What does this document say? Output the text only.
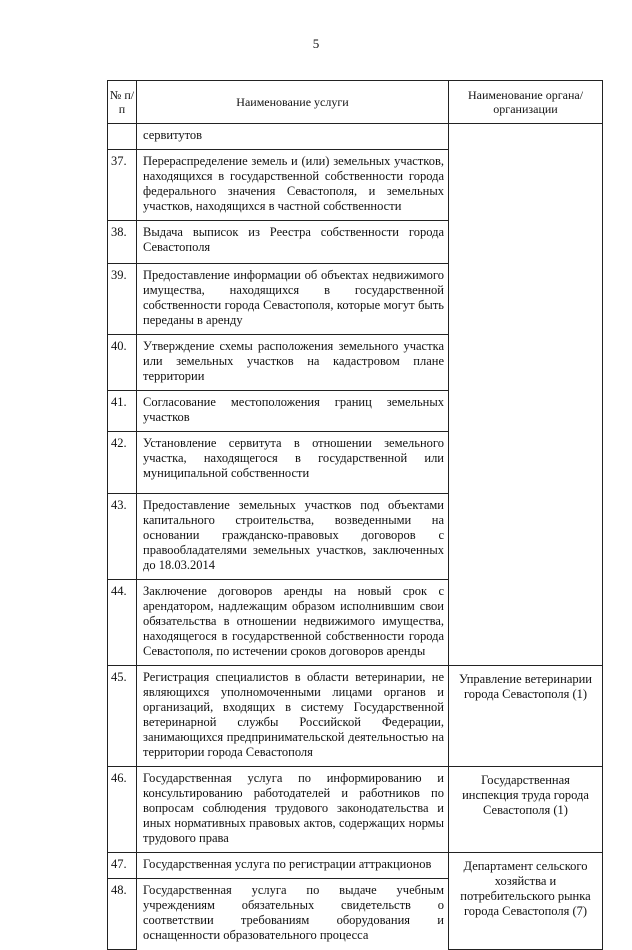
5
№ п/п	Наименование услуги	Наименование органа/организации
	сервитутов	
37.	Перераспределение земель и (или) земельных участков, находящихся в государственной собственности города федерального значения Севастополя, и земельных участков, находящихся в частной собственности	
38.	Выдача выписок из Реестра собственности города Севастополя	
39.	Предоставление информации об объектах недвижимого имущества, находящихся в государственной собственности города Севастополя, которые могут быть переданы в аренду	
40.	Утверждение схемы расположения земельного участка или земельных участков на кадастровом плане территории	
41.	Согласование местоположения границ земельных участков	
42.	Установление сервитута в отношении земельного участка, находящегося в государственной или муниципальной собственности	
43.	Предоставление земельных участков под объектами капитального строительства, возведенными на основании гражданско-правовых договоров с правообладателями земельных участков, заключенных до 18.03.2014	
44.	Заключение договоров аренды на новый срок с арендатором, надлежащим образом исполнившим свои обязательства в отношении недвижимого имущества, находящегося в государственной собственности города Севастополя, по истечении сроков договоров аренды	
45.	Регистрация специалистов в области ветеринарии, не являющихся уполномоченными лицами органов и организаций, входящих в систему Государственной ветеринарной службы Российской Федерации, занимающихся предпринимательской деятельностью на территории города Севастополя	Управление ветеринарии города Севастополя (1)
46.	Государственная услуга по информированию и консультированию работодателей и работников по вопросам соблюдения трудового законодательства и иных нормативных правовых актов, содержащих нормы трудового права	Государственная инспекция труда города Севастополя (1)
47.	Государственная услуга по регистрации аттракционов	Департамент сельского хозяйства и потребительского рынка города Севастополя (7)
48.	Государственная услуга по выдаче учебным учреждениям обязательных свидетельств о соответствии требованиям оборудования и оснащенности образовательного процесса	
